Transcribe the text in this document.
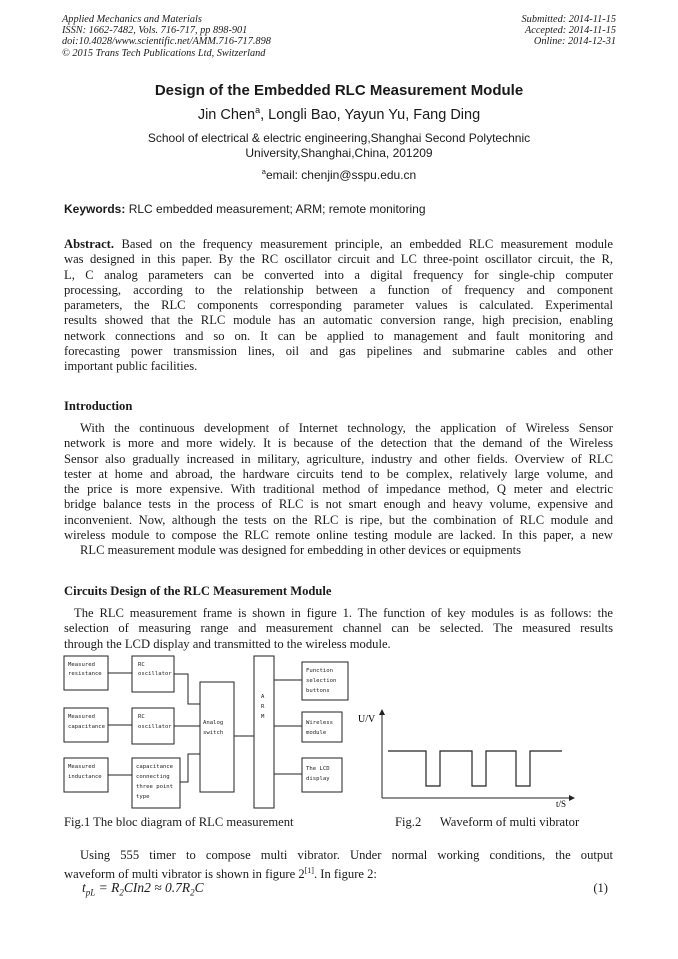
Applied Mechanics and Materials
ISSN: 1662-7482, Vols. 716-717, pp 898-901
doi:10.4028/www.scientific.net/AMM.716-717.898
© 2015 Trans Tech Publications Ltd, Switzerland
Submitted: 2014-11-15
Accepted: 2014-11-15
Online: 2014-12-31
Design of the Embedded RLC Measurement Module
Jin Chen$^a$, Longli Bao, Yayun Yu, Fang Ding
School of electrical & electric engineering,Shanghai Second Polytechnic
University,Shanghai,China, 201209
$^a$email: chenjin@sspu.edu.cn
Keywords: RLC embedded measurement; ARM; remote monitoring
Abstract. Based on the frequency measurement principle, an embedded RLC measurement module
was designed in this paper. By the RC oscillator circuit and LC three-point oscillator circuit, the R,
L, C analog parameters can be converted into a digital frequency for single-chip computer
processing, according to the relationship between a function of frequency and component
parameters, the RLC components corresponding parameter values is calculated. Experimental
results showed that the RLC module has an automatic conversion range, high precision, enabling
network connections and so on. It can be applied to management and fault monitoring and
forecasting power transmission lines, oil and gas pipelines and submarine cables and other
important public facilities.
Introduction
With the continuous development of Internet technology, the application of Wireless Sensor
network is more and more widely. It is because of the detection that the demand of the Wireless
Sensor also gradually increased in military, agriculture, industry and other fields. Overview of RLC
tester at home and abroad, the hardware circuits tend to be complex, relatively large volume, and
the price is more expensive. With traditional method of impedance method, Q meter and electric
bridge balance tests in the process of RLC is not smart enough and heavy volume, expensive and
inconvenient. Now, although the tests on the RLC is ripe, but the combination of RLC module and
wireless module to compose the RLC remote online testing module are lacked. In this paper, a new
RLC measurement module was designed for embedding in other devices or equipments
Circuits Design of the RLC Measurement Module
The RLC measurement frame is shown in figure 1. The function of key modules is as follows: the
selection of measuring range and measurement channel can be selected. The measured results
through the LCD display and transmitted to the wireless module.
Measured
resistance
RC
oscillator
Measured
capacitance
RC
oscillator
Measured
inductance
capacitance
connecting
three point
type
Analog
switch
A
R
M
Function
selection
buttons
Wireless
module
The LCD
display
U/V
t/S
Fig.1 The bloc diagram of RLC measurement	Fig.2      Waveform of multi vibrator
Using 555 timer to compose multi vibrator. Under normal working conditions, the output
waveform of multi vibrator is shown in figure 2[1]. In figure 2:
$t_{pL} = R_2CIn2 \approx 0.7R_2C$	(1)
